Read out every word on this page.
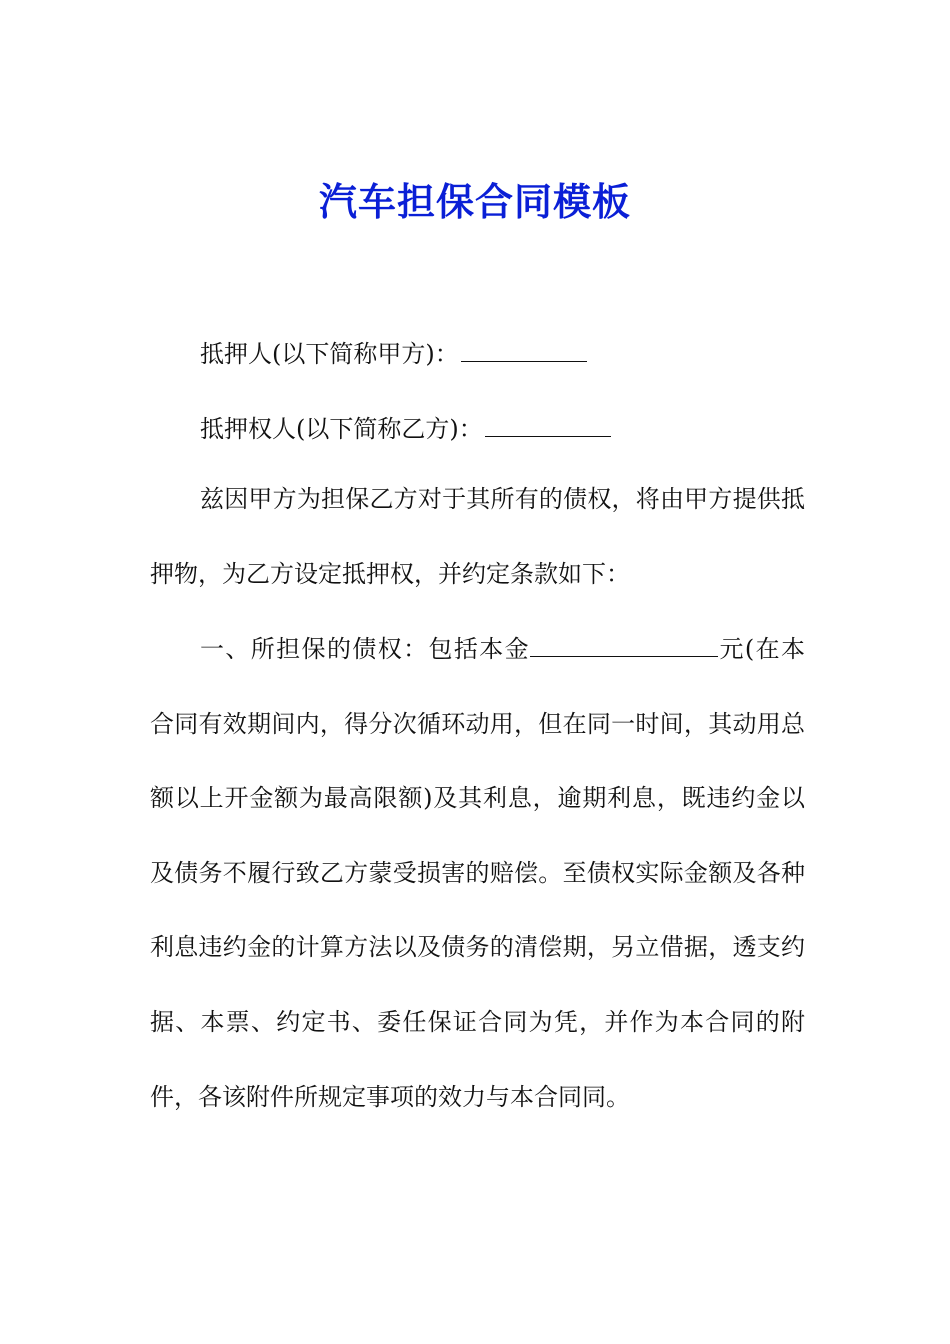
汽车担保合同模板
抵押人(以下简称甲方)：
抵押权人(以下简称乙方)：
兹因甲方为担保乙方对于其所有的债权，将由甲方提供抵押物，为乙方设定抵押权，并约定条款如下：
一、所担保的债权：包括本金	元(在本合同有效期间内，得分次循环动用，但在同一时间，其动用总额以上开金额为最高限额)及其利息，逾期利息，既违约金以及债务不履行致乙方蒙受损害的赔偿。至债权实际金额及各种利息违约金的计算方法以及债务的清偿期，另立借据，透支约据、本票、约定书、委任保证合同为凭，并作为本合同的附件，各该附件所规定事项的效力与本合同同。
